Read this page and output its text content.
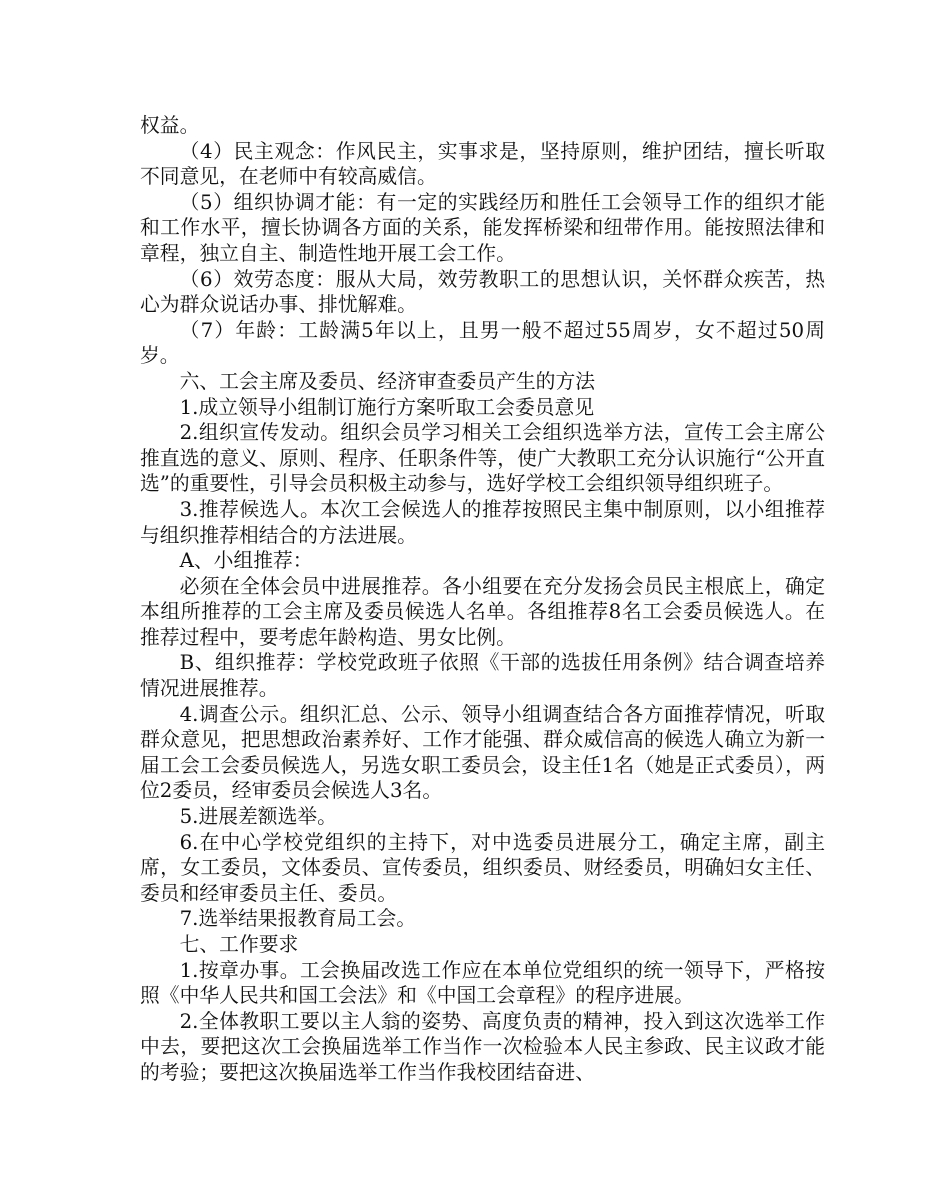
权益。

（4）民主观念：作风民主，实事求是，坚持原则，维护团结，擅长听取不同意见，在老师中有较高威信。

（5）组织协调才能：有一定的实践经历和胜任工会领导工作的组织才能和工作水平，擅长协调各方面的关系，能发挥桥梁和纽带作用。能按照法律和章程，独立自主、制造性地开展工会工作。

（6）效劳态度：服从大局，效劳教职工的思想认识，关怀群众疾苦，热心为群众说话办事、排忧解难。

（7）年龄：工龄满5年以上，且男一般不超过55周岁，女不超过50周岁。

六、工会主席及委员、经济审查委员产生的方法

1.成立领导小组制订施行方案听取工会委员意见

2.组织宣传发动。组织会员学习相关工会组织选举方法，宣传工会主席公推直选的意义、原则、程序、任职条件等，使广大教职工充分认识施行“公开直选”的重要性，引导会员积极主动参与，选好学校工会组织领导组织班子。

3.推荐候选人。本次工会候选人的推荐按照民主集中制原则，以小组推荐与组织推荐相结合的方法进展。

A、小组推荐：

必须在全体会员中进展推荐。各小组要在充分发扬会员民主根底上，确定本组所推荐的工会主席及委员候选人名单。各组推荐8名工会委员候选人。在推荐过程中，要考虑年龄构造、男女比例。

B、组织推荐：学校党政班子依照《干部的选拔任用条例》结合调查培养情况进展推荐。

4.调查公示。组织汇总、公示、领导小组调查结合各方面推荐情况，听取群众意见，把思想政治素养好、工作才能强、群众威信高的候选人确立为新一届工会工会委员候选人，另选女职工委员会，设主任1名（她是正式委员），两位2委员，经审委员会候选人3名。

5.进展差额选举。

6.在中心学校党组织的主持下，对中选委员进展分工，确定主席，副主席，女工委员，文体委员、宣传委员，组织委员、财经委员，明确妇女主任、委员和经审委员主任、委员。

7.选举结果报教育局工会。

七、工作要求

1.按章办事。工会换届改选工作应在本单位党组织的统一领导下，严格按照《中华人民共和国工会法》和《中国工会章程》的程序进展。

2.全体教职工要以主人翁的姿势、高度负责的精神，投入到这次选举工作中去，要把这次工会换届选举工作当作一次检验本人民主参政、民主议政才能的考验；要把这次换届选举工作当作我校团结奋进、
